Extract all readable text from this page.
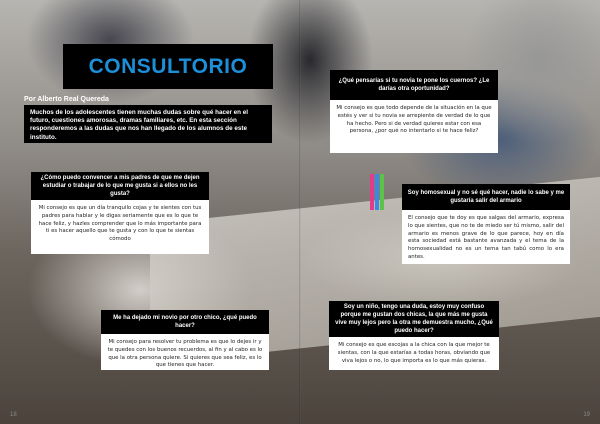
CONSULTORIO
Por Alberto Real Quereda
Muchos de los adolescentes tienen muchas dudas sobre qué hacer en el futuro, cuestiones amorosas, dramas familiares, etc. En esta sección responderemos a las dudas que nos han llegado de los alumnos de este instituto.
¿Qué pensarías si tu novia te pone los cuernos? ¿Le darías otra oportunidad?
Mi consejo es que todo depende de la situación en la que estés y ver si tu novia se arrepiente de verdad de lo que ha hecho. Pero si de verdad quieres estar con esa persona, ¿por qué no intentarlo si te hace feliz?
¿Cómo puedo convencer a mis padres de que me dejen estudiar o trabajar de lo que me gusta si a ellos no les gusta?
Mi consejo es que un día tranquilo cojas y te sientes con tus padres para hablar y le digas seriamente que es lo que te hace feliz, y hazles comprender que lo más importante para ti es hacer aquello que te gusta y con lo que te sientas cómodo
Soy homosexual y no sé qué hacer, nadie lo sabe y me gustaría salir del armario
El consejo que te doy es que salgas del armario, expresa lo que sientes, que no te de miedo ser tú mismo, salir del armario es menos grave de lo que parece, hoy en día esta sociedad está bastante avanzada y el tema de la homosexualidad no es un tema tan tabú como lo era antes.
Me ha dejado mi novio por otro chico, ¿qué puedo hacer?
Mi consejo para resolver tu problema es que lo dejes ir y te quedes con los buenos recuerdos, al fin y al cabo es lo que la otra persona quiere. Si quieres que sea feliz, es lo que tienes que hacer.
Soy un niño, tengo una duda, estoy muy confuso porque me gustan dos chicas, la que más me gusta vive muy lejos pero la otra me demuestra mucho, ¿Qué puedo hacer?
Mi consejo es que escojas a la chica con la que mejor te sientas, con la que estarías a todas horas, obviando que viva lejos o no, lo que importa es lo que más quieras.
18	19
